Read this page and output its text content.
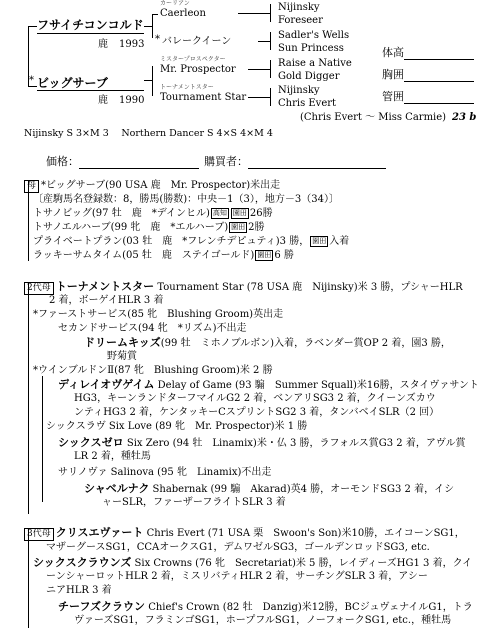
フサイチコンコルド
鹿 1993
カーリアン
Caerleon
* バレークイーン
* ビッグサーブ
鹿 1990
ミスタープロスペクター
Mr. Prospector
トーナメントスター
Tournament Star
Nijinsky
Foreseer
Sadler's Wells
Sun Princess
Raise a Native
Gold Digger
Nijinsky
Chris Evert
体高
胸囲
管囲
(Chris Evert 〜 Miss Carmie) 23 b
Nijinsky S 3×M 3　 Northern Dancer S 4×S 4×M 4
価格：	購買者：
母 *ビッグサーブ(90 USA 鹿　Mr. Prospector)米出走
〔産駒馬名登録数：8，勝馬(勝数)：中央－1（3），地方－3（34）〕
トサノビッグ(97 牡　鹿　*デインヒル) 高知 園田 26勝
トサノエルハーブ(99 牝　鹿　*エルハーブ) 園田 2勝
プライベートプラン(03 牡　鹿　*フレンチデピュティ)3 勝， 園田 入着
ラッキーサムタイム(05 牡　鹿　ステイゴールド) 園田 6 勝
2代母 トーナメントスター Tournament Star (78 USA 鹿　Nijinsky)米 3 勝，プシャーHLR
2 着，ボーゲイHLR 3 着
*ファーストサービス(85 牝　Blushing Groom)英出走
セカンドサービス(94 牝　*リズム)不出走
ドリームキッズ(99 牡　ミホノブルボン)入着，ラベンダー賞OP 2 着，園3 勝，
野菊賞
*ウインブルドンⅡ(87 牝　Blushing Groom)米 2 勝
ディレイオヴゲイム Delay of Game (93 騸　Summer Squall)米16勝，スタイヴァサント
HG3，キーンランドターフマイルG2 2 着，ベンアリSG3 2 着，クイーンズカウ
ンティHG3 2 着，ケンタッキーCスプリントSG2 3 着，タンバベイSLR（2 回）
シックスラヴ Six Love (89 牝　Mr. Prospector)米 1 勝
シックスゼロ Six Zero (94 牡　Linamix)米・仏 3 勝，ラフォルス賞G3 2 着，アヴル賞
LR 2 着，種牡馬
サリノヴァ Salinova (95 牝　Linamix)不出走
シャベルナク Shabernak (99 騸　Akarad)英4 勝，オーモンドSG3 2 着，イシ
ャーSLR，ファーザーフライトSLR 3 着
3代母 クリスエヴァート Chris Evert (71 USA 栗　Swoon's Son)米10勝，エイコーンSG1，
マザーグースSG1，CCAオークスG1，デムワゼルSG3，ゴールデンロッドSG3, etc.
シックスクラウンズ Six Crowns (76 牝　Secretariat)米 5 勝，レイディーズHG1 3 着，クイ
ーンシャーロットHLR 2 着，ミスリバティHLR 2 着，サーチングSLR 3 着，アシー
ニアHLR 3 着
チーフズクラウン Chief's Crown (82 牡　Danzig)米12勝，BCジュヴェナイルG1，トラ
ヴァーズSG1，フラミンゴSG1，ホープフルSG1，ノーフォークSG1, etc.，種牡馬
